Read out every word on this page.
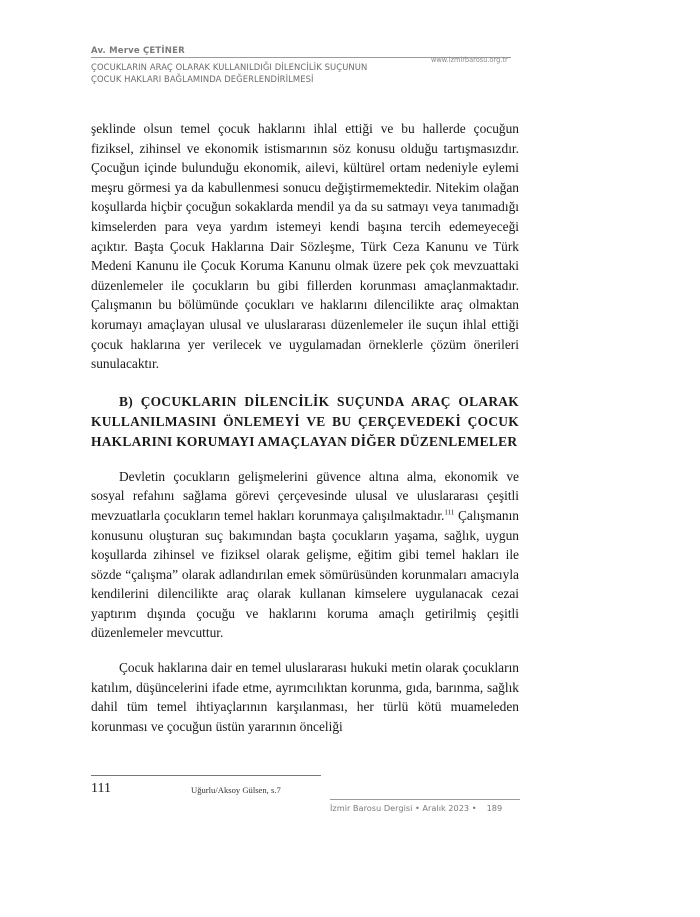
Av. Merve ÇETİNER
www.izmirbarosu.org.tr
ÇOCUKLARIN ARAÇ OLARAK KULLANILDIĞI DİLENCİLİK SUÇUNUN
ÇOCUK HAKLARI BAĞLAMINDA DEĞERLENDİRİLMESİ

şeklinde olsun temel çocuk haklarını ihlal ettiği ve bu hallerde çocuğun fiziksel, zihinsel ve ekonomik istismarının söz konusu olduğu tartışmasızdır. Çocuğun içinde bulunduğu ekonomik, ailevi, kültürel ortam nedeniyle eylemi meşru görmesi ya da kabullenmesi sonucu değiştirmemektedir. Nitekim olağan koşullarda hiçbir çocuğun sokaklarda mendil ya da su satmayı veya tanımadığı kimselerden para veya yardım istemeyi kendi başına tercih edemeyeceği açıktır. Başta Çocuk Haklarına Dair Sözleşme, Türk Ceza Kanunu ve Türk Medeni Kanunu ile Çocuk Koruma Kanunu olmak üzere pek çok mevzuattaki düzenlemeler ile çocukların bu gibi fillerden korunması amaçlanmaktadır. Çalışmanın bu bölümünde çocukları ve haklarını dilencilikte araç olmaktan korumayı amaçlayan ulusal ve uluslararası düzenlemeler ile suçun ihlal ettiği çocuk haklarına yer verilecek ve uygulamadan örneklerle çözüm önerileri sunulacaktır.

B) ÇOCUKLARIN DİLENCİLİK SUÇUNDA ARAÇ OLARAK KULLANILMASINI ÖNLEMEYİ VE BU ÇERÇEVEDEKİ ÇOCUK HAKLARINI KORUMAYI AMAÇLAYAN DİĞER DÜZENLEMELER

Devletin çocukların gelişmelerini güvence altına alma, ekonomik ve sosyal refahını sağlama görevi çerçevesinde ulusal ve uluslararası çeşitli mevzuatlarla çocukların temel hakları korunmaya çalışılmaktadır.$^{111}$ Çalışmanın konusunu oluşturan suç bakımından başta çocukların yaşama, sağlık, uygun koşullarda zihinsel ve fiziksel olarak gelişme, eğitim gibi temel hakları ile sözde “çalışma” olarak adlandırılan emek sömürüsünden korunmaları amacıyla kendilerini dilencilikte araç olarak kullanan kimselere uygulanacak cezai yaptırım dışında çocuğu ve haklarını koruma amaçlı getirilmiş çeşitli düzenlemeler mevcuttur.

Çocuk haklarına dair en temel uluslararası hukuki metin olarak çocukların katılım, düşüncelerini ifade etme, ayrımcılıktan korunma, gıda, barınma, sağlık dahil tüm temel ihtiyaçlarının karşılanması, her türlü kötü muameleden korunması ve çocuğun üstün yararının önceliği

111	Uğurlu/Aksoy Gülsen, s.7
İzmir Barosu Dergisi • Aralık 2023 • 189
